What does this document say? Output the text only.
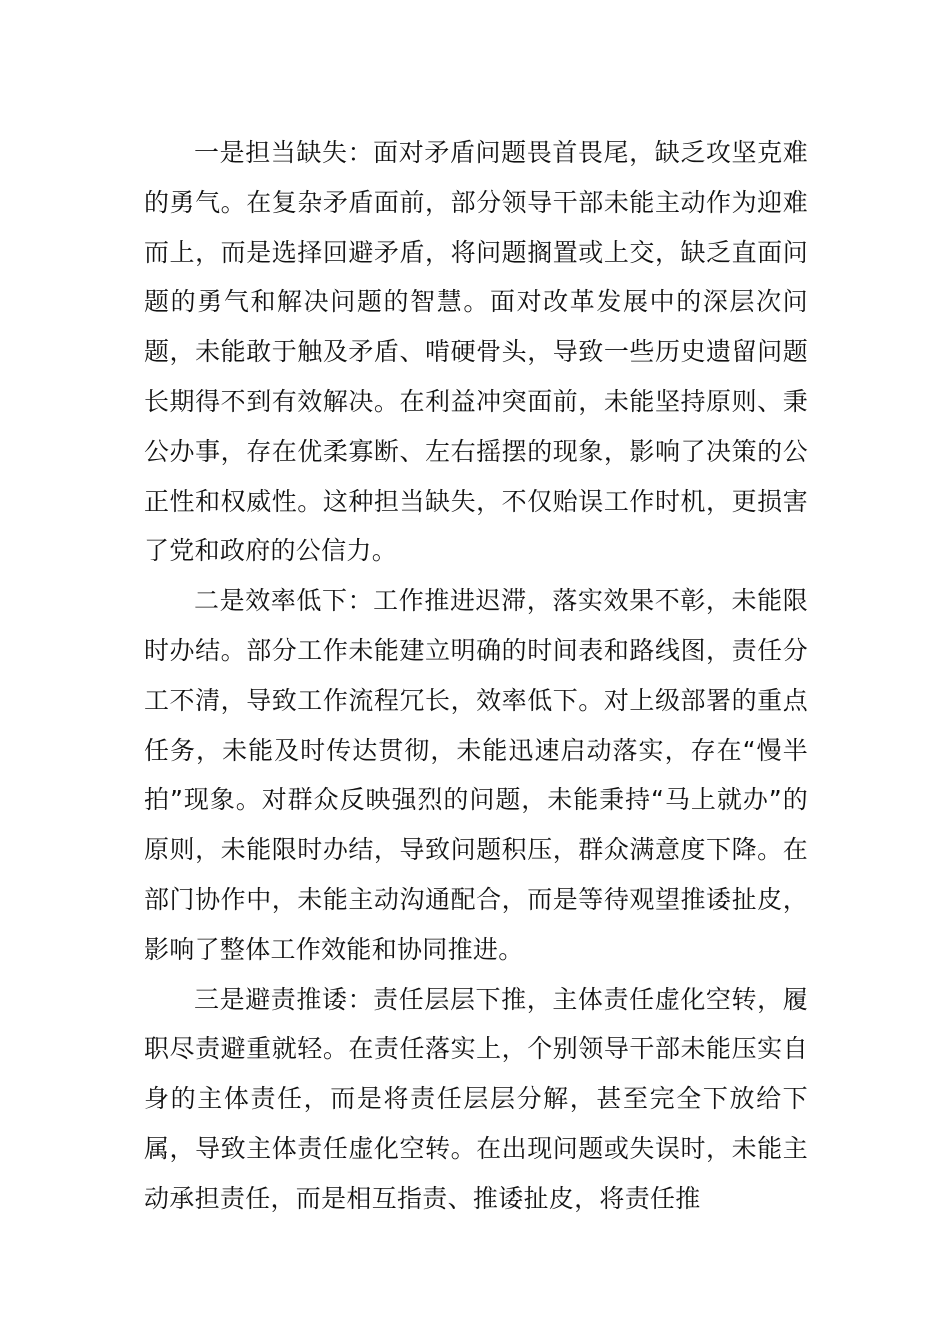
一是担当缺失：面对矛盾问题畏首畏尾，缺乏攻坚克难的勇气。在复杂矛盾面前，部分领导干部未能主动作为迎难而上，而是选择回避矛盾，将问题搁置或上交，缺乏直面问题的勇气和解决问题的智慧。面对改革发展中的深层次问题，未能敢于触及矛盾、啃硬骨头，导致一些历史遗留问题长期得不到有效解决。在利益冲突面前，未能坚持原则、秉公办事，存在优柔寡断、左右摇摆的现象，影响了决策的公正性和权威性。这种担当缺失，不仅贻误工作时机，更损害了党和政府的公信力。

二是效率低下：工作推进迟滞，落实效果不彰，未能限时办结。部分工作未能建立明确的时间表和路线图，责任分工不清，导致工作流程冗长，效率低下。对上级部署的重点任务，未能及时传达贯彻，未能迅速启动落实，存在“慢半拍”现象。对群众反映强烈的问题，未能秉持“马上就办”的原则，未能限时办结，导致问题积压，群众满意度下降。在部门协作中，未能主动沟通配合，而是等待观望推诿扯皮，影响了整体工作效能和协同推进。

三是避责推诿：责任层层下推，主体责任虚化空转，履职尽责避重就轻。在责任落实上，个别领导干部未能压实自身的主体责任，而是将责任层层分解，甚至完全下放给下属，导致主体责任虚化空转。在出现问题或失误时，未能主动承担责任，而是相互指责、推诿扯皮，将责任推
